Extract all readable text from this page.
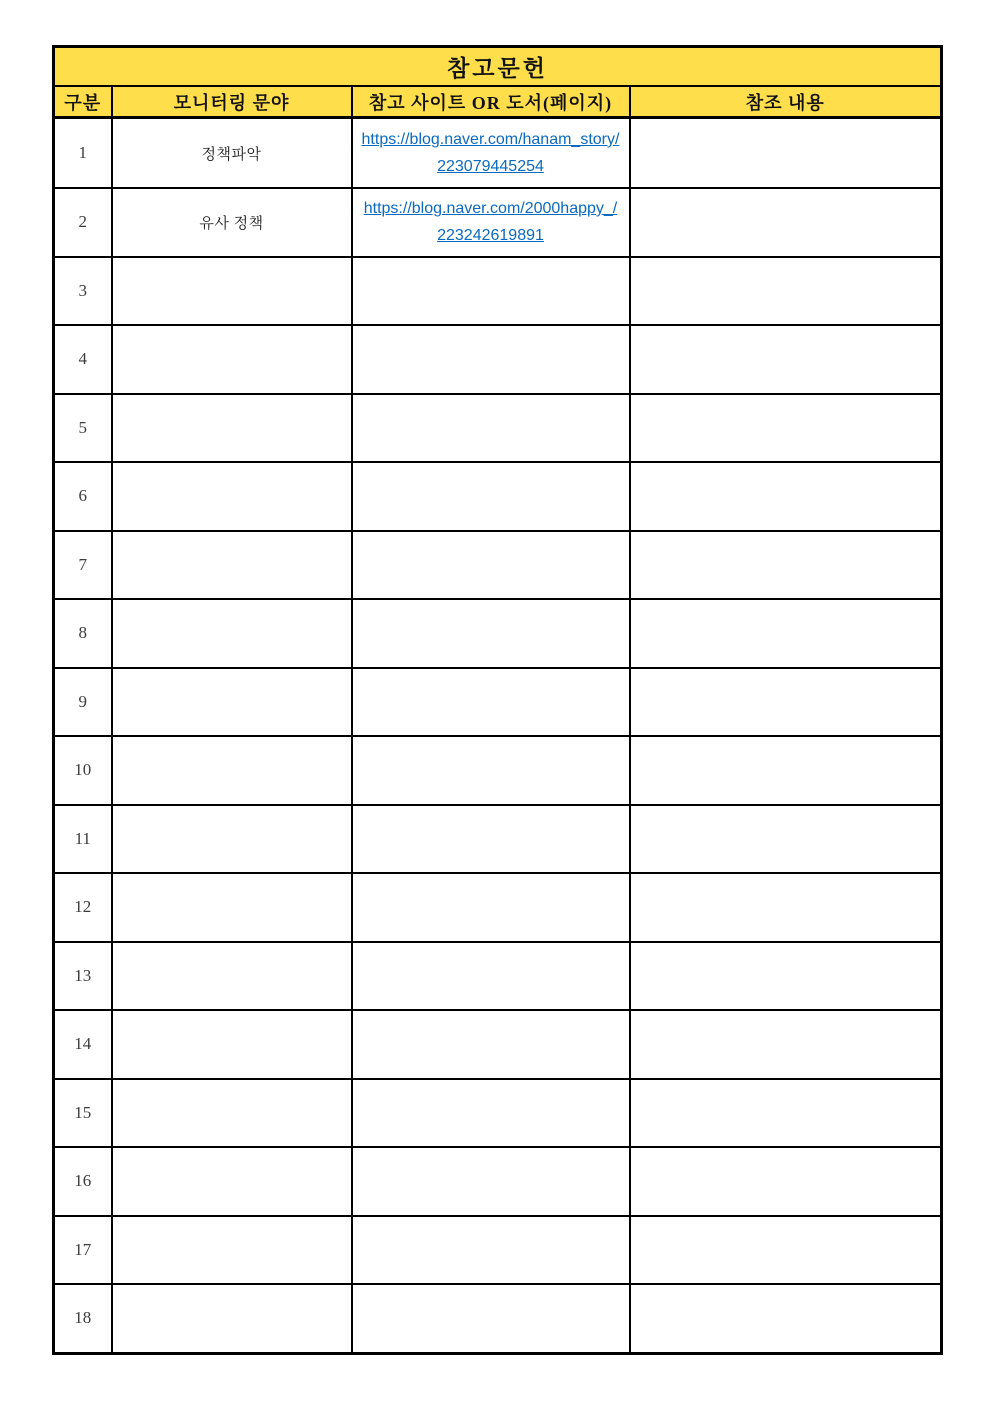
참고문헌			
구분	모니터링 문야	참고 사이트 OR 도서(페이지)	참조 내용
1	정책파악	https://blog.naver.com/hanam_story/223079445254	
2	유사 정책	https://blog.naver.com/2000happy_/223242619891	
3			
4			
5			
6			
7			
8			
9			
10			
11			
12			
13			
14			
15			
16			
17			
18			
